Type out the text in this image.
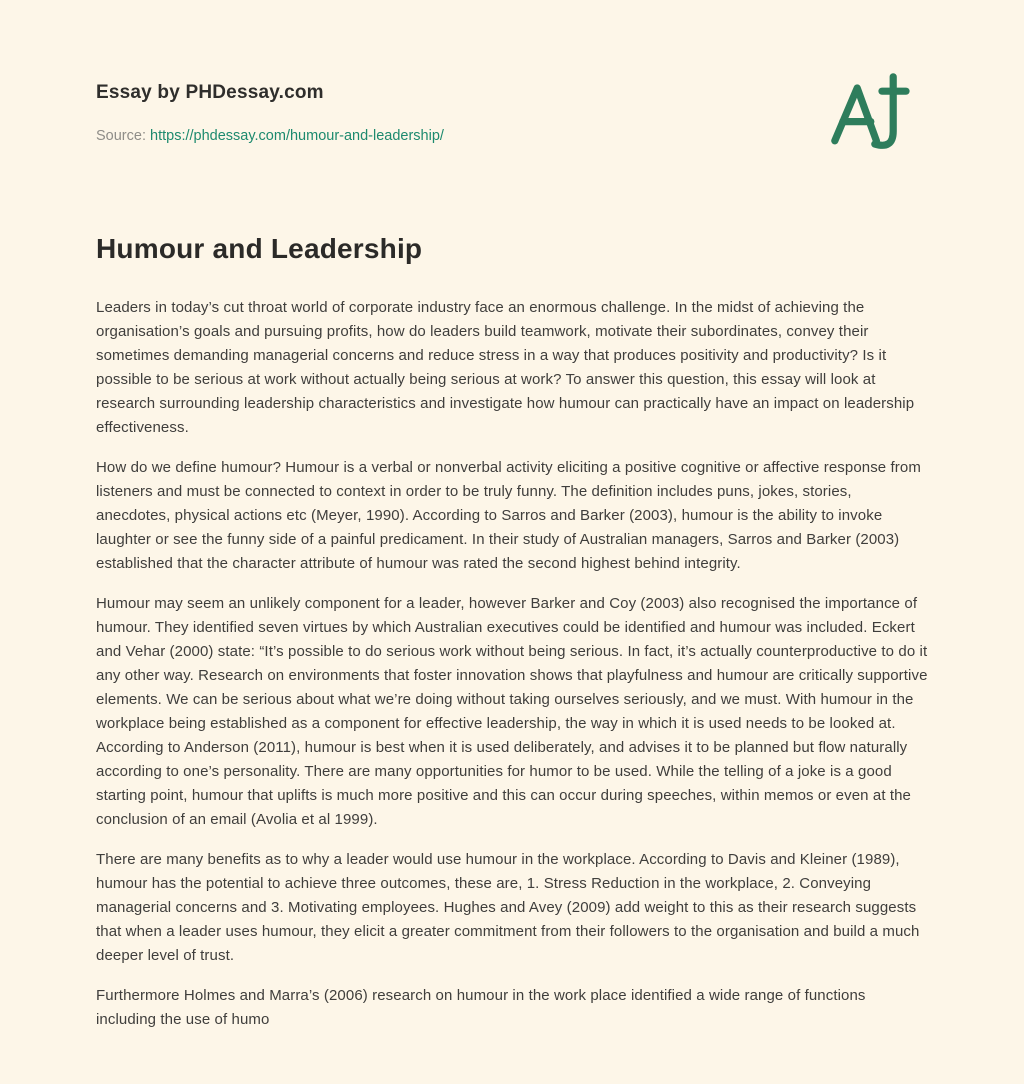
Essay by PHDessay.com
Source: https://phdessay.com/humour-and-leadership/
Humour and Leadership

Leaders in today’s cut throat world of corporate industry face an enormous challenge. In the midst of achieving the organisation’s goals and pursuing profits, how do leaders build teamwork, motivate their subordinates, convey their sometimes demanding managerial concerns and reduce stress in a way that produces positivity and productivity? Is it possible to be serious at work without actually being serious at work? To answer this question, this essay will look at research surrounding leadership characteristics and investigate how humour can practically have an impact on leadership effectiveness.

How do we define humour? Humour is a verbal or nonverbal activity eliciting a positive cognitive or affective response from listeners and must be connected to context in order to be truly funny. The definition includes puns, jokes, stories, anecdotes, physical actions etc (Meyer, 1990). According to Sarros and Barker (2003), humour is the ability to invoke laughter or see the funny side of a painful predicament. In their study of Australian managers, Sarros and Barker (2003) established that the character attribute of humour was rated the second highest behind integrity.

Humour may seem an unlikely component for a leader, however Barker and Coy (2003) also recognised the importance of humour. They identified seven virtues by which Australian executives could be identified and humour was included. Eckert and Vehar (2000) state: “It’s possible to do serious work without being serious. In fact, it’s actually counterproductive to do it any other way. Research on environments that foster innovation shows that playfulness and humour are critically supportive elements. We can be serious about what we’re doing without taking ourselves seriously, and we must. With humour in the workplace being established as a component for effective leadership, the way in which it is used needs to be looked at. According to Anderson (2011), humour is best when it is used deliberately, and advises it to be planned but flow naturally according to one’s personality. There are many opportunities for humor to be used. While the telling of a joke is a good starting point, humour that uplifts is much more positive and this can occur during speeches, within memos or even at the conclusion of an email (Avolia et al 1999).

There are many benefits as to why a leader would use humour in the workplace. According to Davis and Kleiner (1989), humour has the potential to achieve three outcomes, these are, 1. Stress Reduction in the workplace, 2. Conveying managerial concerns and 3. Motivating employees. Hughes and Avey (2009) add weight to this as their research suggests that when a leader uses humour, they elicit a greater commitment from their followers to the organisation and build a much deeper level of trust.

Furthermore Holmes and Marra’s (2006) research on humour in the work place identified a wide range of functions including the use of humo
